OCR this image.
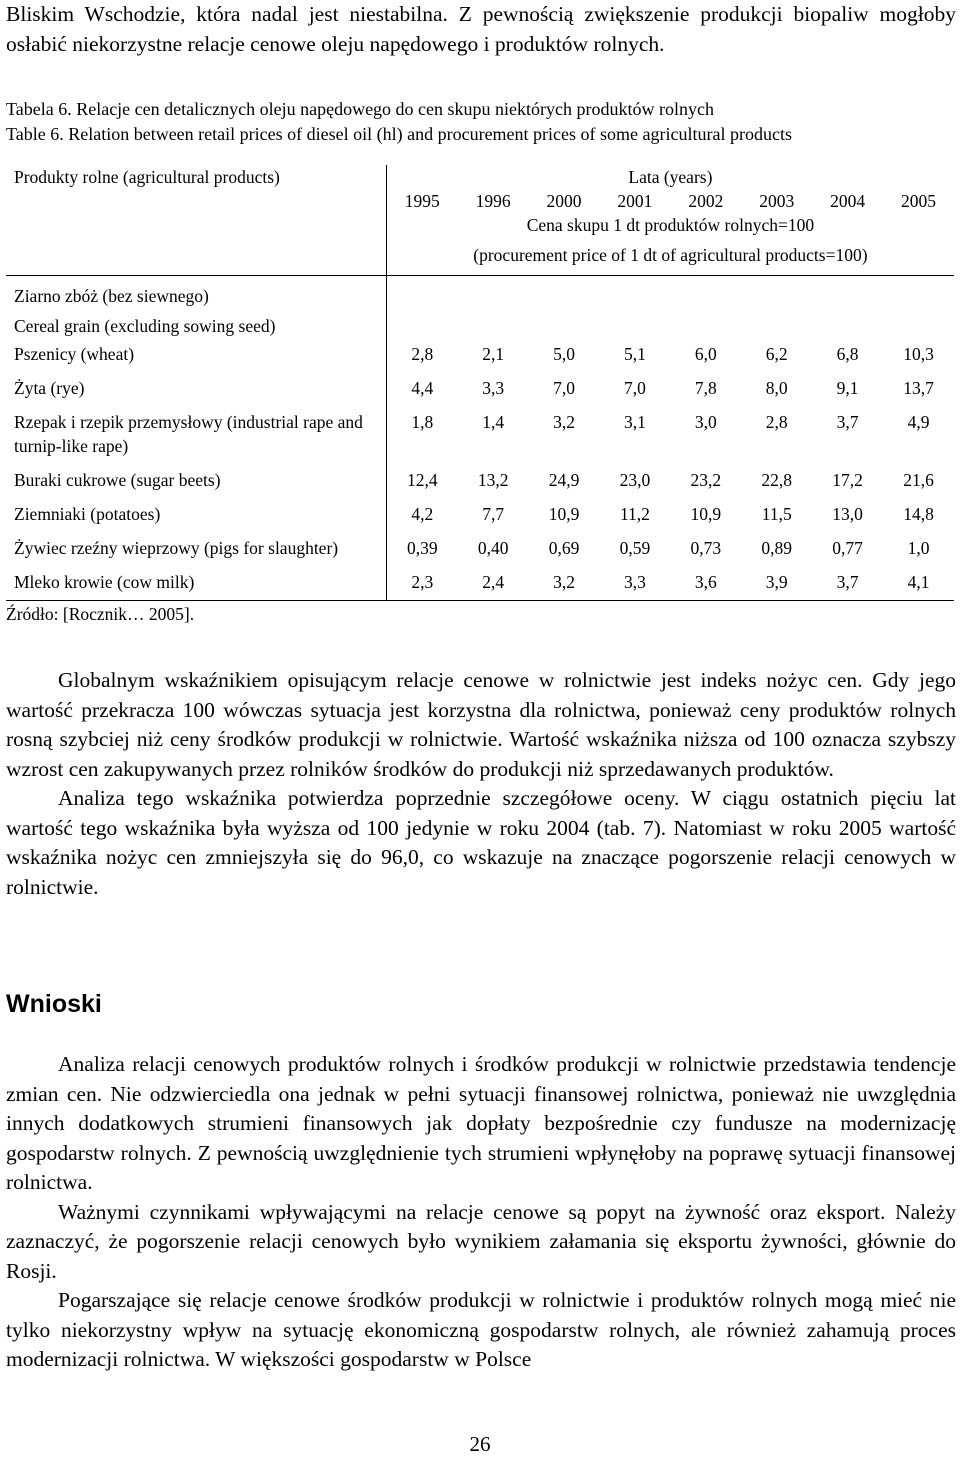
Bliskim Wschodzie, która nadal jest niestabilna. Z pewnością zwiększenie produkcji biopaliw mogłoby osłabić niekorzystne relacje cenowe oleju napędowego i produktów rolnych.

Tabela 6. Relacje cen detalicznych oleju napędowego do cen skupu niektórych produktów rolnych

Table 6. Relation between retail prices of diesel oil (hl) and procurement prices of some agricultural products

Produkty rolne (agricultural products)	Lata (years)							
	1995	1996	2000	2001	2002	2003	2004	2005

	Cena skupu 1 dt produktów rolnych=100
(procurement price of 1 dt of agricultural products=100)							

Ziarno zbóż (bez siewnego)
Cereal grain (excluding sowing seed)								

Pszenicy (wheat)	2,8	2,1	5,0	5,1	6,0	6,2	6,8	10,3
Żyta (rye)	4,4	3,3	7,0	7,0	7,8	8,0	9,1	13,7
Rzepak i rzepik przemysłowy (industrial rape and turnip-like rape)	1,8	1,4	3,2	3,1	3,0	2,8	3,7	4,9
Buraki cukrowe (sugar beets)	12,4	13,2	24,9	23,0	23,2	22,8	17,2	21,6
Ziemniaki (potatoes)	4,2	7,7	10,9	11,2	10,9	11,5	13,0	14,8
Żywiec rzeźny wieprzowy (pigs for slaughter)	0,39	0,40	0,69	0,59	0,73	0,89	0,77	1,0
Mleko krowie (cow milk)	2,3	2,4	3,2	3,3	3,6	3,9	3,7	4,1

Źródło: [Rocznik… 2005].

Globalnym wskaźnikiem opisującym relacje cenowe w rolnictwie jest indeks nożyc cen. Gdy jego wartość przekracza 100 wówczas sytuacja jest korzystna dla rolnictwa, ponieważ ceny produktów rolnych rosną szybciej niż ceny środków produkcji w rolnictwie. Wartość wskaźnika niższa od 100 oznacza szybszy wzrost cen zakupywanych przez rolników środków do produkcji niż sprzedawanych produktów.

Analiza tego wskaźnika potwierdza poprzednie szczegółowe oceny. W ciągu ostatnich pięciu lat wartość tego wskaźnika była wyższa od 100 jedynie w roku 2004 (tab. 7). Natomiast w roku 2005 wartość wskaźnika nożyc cen zmniejszyła się do 96,0, co wskazuje na znaczące pogorszenie relacji cenowych w rolnictwie.

Wnioski

Analiza relacji cenowych produktów rolnych i środków produkcji w rolnictwie przedstawia tendencje zmian cen. Nie odzwierciedla ona jednak w pełni sytuacji finansowej rolnictwa, ponieważ nie uwzględnia innych dodatkowych strumieni finansowych jak dopłaty bezpośrednie czy fundusze na modernizację gospodarstw rolnych. Z pewnością uwzględnienie tych strumieni wpłynęłoby na poprawę sytuacji finansowej rolnictwa.

Ważnymi czynnikami wpływającymi na relacje cenowe są popyt na żywność oraz eksport. Należy zaznaczyć, że pogorszenie relacji cenowych było wynikiem załamania się eksportu żywności, głównie do Rosji.

Pogarszające się relacje cenowe środków produkcji w rolnictwie i produktów rolnych mogą mieć nie tylko niekorzystny wpływ na sytuację ekonomiczną gospodarstw rolnych, ale również zahamują proces modernizacji rolnictwa. W większości gospodarstw w Polsce

26
